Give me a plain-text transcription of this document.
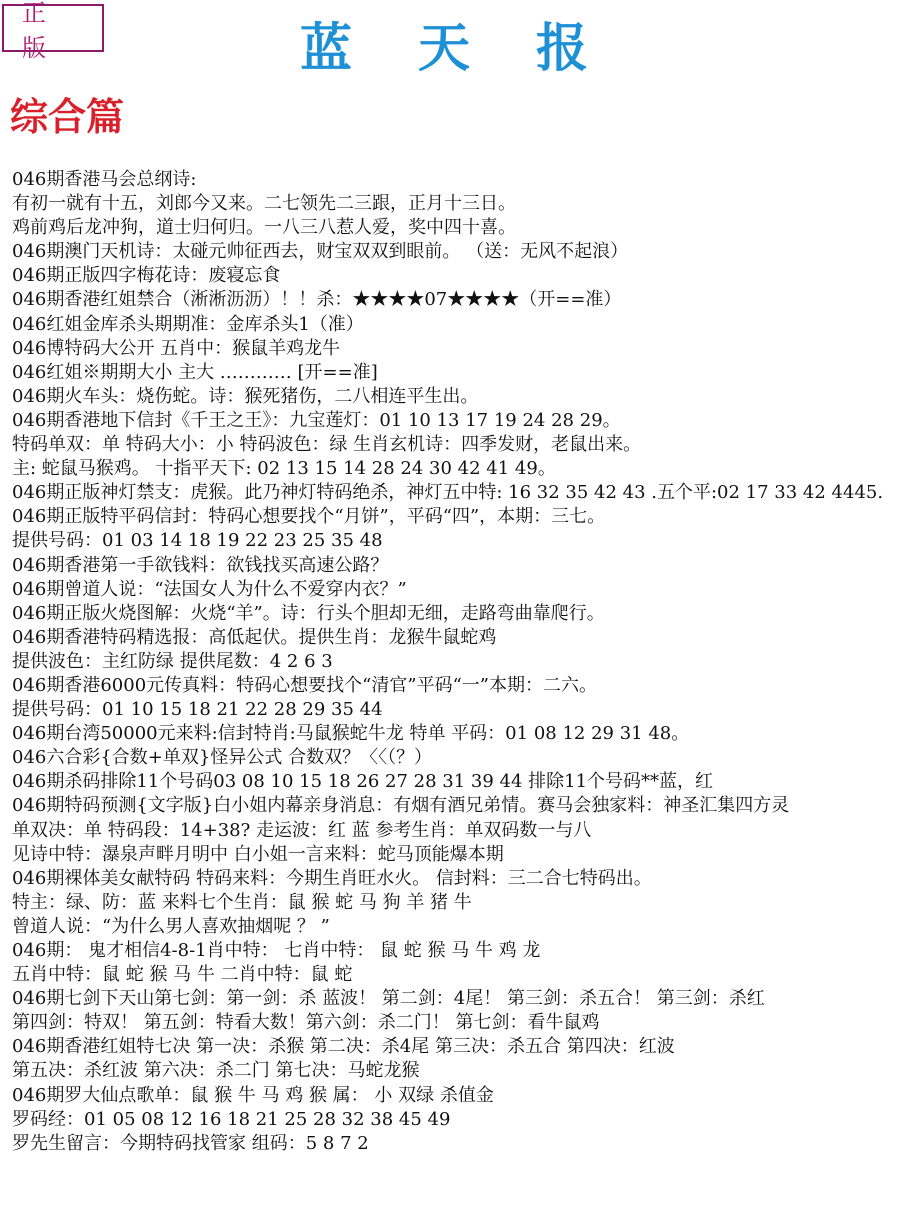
正 版	蓝天报
综合篇
046期香港马会总纲诗:
有初一就有十五，刘郎今又来。二七领先二三跟，正月十三日。
鸡前鸡后龙冲狗，道士归何归。一八三八惹人爱，奖中四十喜。
046期澳门天机诗：太碰元帅征西去，财宝双双到眼前。 （送：无风不起浪）
046期正版四字梅花诗：废寝忘食
046期香港红姐禁合（淅淅沥沥）！！杀：★★★★07★★★★（开==准）
046红姐金库杀头期期准：金库杀头1（准）
046博特码大公开 五肖中：猴鼠羊鸡龙牛
046红姐※期期大小 主大 ………… [开==准]
046期火车头：烧伤蛇。诗：猴死猪伤，二八相连平生出。
046期香港地下信封《千王之王》：九宝莲灯：01 10 13 17 19 24 28 29。
特码单双：单 特码大小：小 特码波色：绿 生肖玄机诗：四季发财，老鼠出来。
主: 蛇鼠马猴鸡。 十指平天下: 02 13 15 14 28 24 30 42 41 49。
046期正版神灯禁支：虎猴。此乃神灯特码绝杀，神灯五中特: 16 32 35 42 43 .五个平:02 17 33 42 4445.
046期正版特平码信封：特码心想要找个“月饼”，平码“四”，本期：三七。
提供号码：01 03 14 18 19 22 23 25 35 48
046期香港第一手欲钱料：欲钱找买高速公路？
046期曾道人说：“法国女人为什么不爱穿内衣？”
046期正版火烧图解：火烧“羊”。诗：行头个胆却无细，走路弯曲靠爬行。
046期香港特码精选报：高低起伏。提供生肖：龙猴牛鼠蛇鸡
提供波色：主红防绿 提供尾数：4 2 6 3
046期香港6000元传真料：特码心想要找个“清官”平码“一”本期：二六。
提供号码：01 10 15 18 21 22 28 29 35 44
046期台湾50000元来料:信封特肖:马鼠猴蛇牛龙 特单 平码：01 08 12 29 31 48。
046六合彩{合数+单双}怪异公式 合数双？〈〈（？）
046期杀码排除11个号码03 08 10 15 18 26 27 28 31 39 44 排除11个号码**蓝，红
046期特码预测{文字版}白小姐内幕亲身消息：有烟有酒兄弟情。赛马会独家料：神圣汇集四方灵
单双决：单 特码段：14+38? 走运波：红 蓝 参考生肖：单双码数一与八
见诗中特：瀑泉声畔月明中 白小姐一言来料：蛇马顶能爆本期
046期裸体美女献特码 特码来料：今期生肖旺水火。 信封料：三二合七特码出。
特主：绿、防：蓝 来料七个生肖：鼠 猴 蛇 马 狗 羊 猪 牛
曾道人说：“为什么男人喜欢抽烟呢 ？ ”
046期： 鬼才相信4-8-1肖中特： 七肖中特： 鼠 蛇 猴 马 牛 鸡 龙
五肖中特：鼠 蛇 猴 马 牛 二肖中特：鼠 蛇
046期七剑下天山第七剑：第一剑：杀 蓝波！ 第二剑：4尾！ 第三剑：杀五合！ 第三剑：杀红
第四剑：特双！ 第五剑：特看大数！第六剑：杀二门！ 第七剑：看牛鼠鸡
046期香港红姐特七决 第一决：杀猴 第二决：杀4尾 第三决：杀五合 第四决：红波
第五决：杀红波 第六决：杀二门 第七决：马蛇龙猴
046期罗大仙点歌单：鼠 猴 牛 马 鸡 猴 属： 小 双绿 杀值金
罗码经：01 05 08 12 16 18 21 25 28 32 38 45 49
罗先生留言：今期特码找管家 组码：5 8 7 2
